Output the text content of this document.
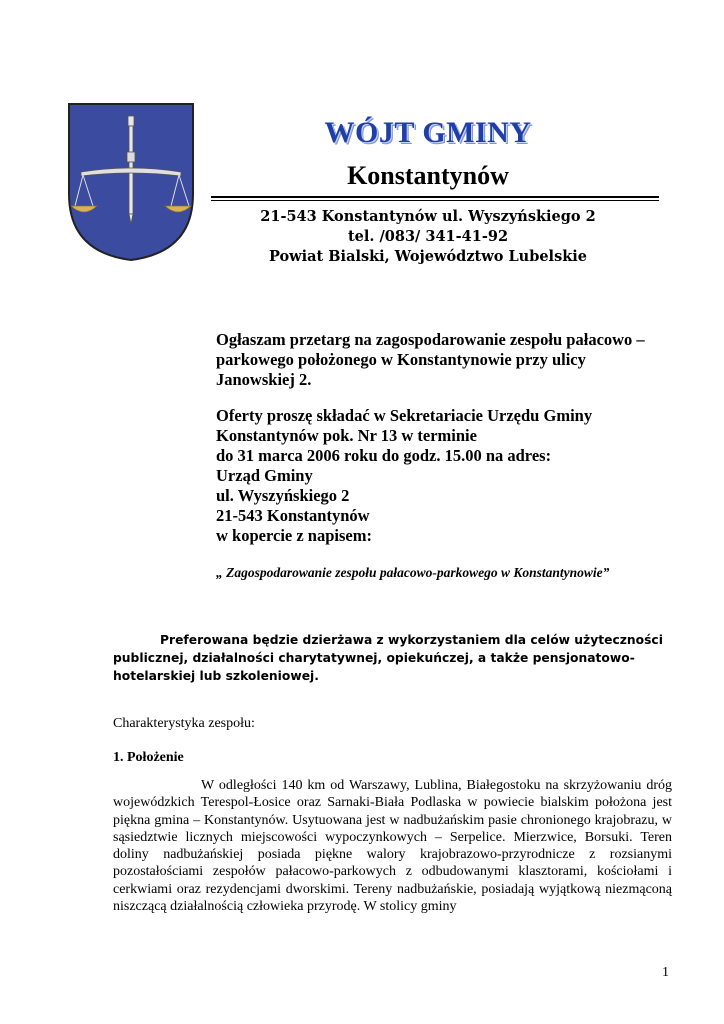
WÓJT GMINY
Konstantynów
21-543 Konstantynów ul. Wyszyńskiego 2
tel. /083/ 341-41-92
Powiat Bialski, Województwo Lubelskie
Ogłaszam przetarg na zagospodarowanie zespołu pałacowo – parkowego położonego w Konstantynowie przy ulicy Janowskiej 2.
Oferty proszę składać w Sekretariacie Urzędu Gminy
Konstantynów pok. Nr 13 w terminie
do 31 marca 2006 roku do godz. 15.00 na adres:
Urząd Gminy
ul. Wyszyńskiego 2
21-543 Konstantynów
w kopercie z napisem:
„ Zagospodarowanie zespołu pałacowo-parkowego w Konstantynowie”
Preferowana będzie dzierżawa z wykorzystaniem dla celów użyteczności publicznej, działalności charytatywnej, opiekuńczej, a także pensjonatowo-hotelarskiej lub szkoleniowej.
Charakterystyka zespołu:
1. Położenie
W odległości 140 km od Warszawy, Lublina, Białegostoku na skrzyżowaniu dróg wojewódzkich Terespol-Łosice oraz Sarnaki-Biała Podlaska w powiecie bialskim położona jest piękna gmina – Konstantynów. Usytuowana jest w nadbużańskim pasie chronionego krajobrazu, w sąsiedztwie licznych miejscowości wypoczynkowych – Serpelice. Mierzwice, Borsuki. Teren doliny nadbużańskiej posiada piękne walory krajobrazowo-przyrodnicze z rozsianymi pozostałościami zespołów pałacowo-parkowych z odbudowanymi klasztorami, kościołami i cerkwiami oraz rezydencjami dworskimi. Tereny nadbużańskie, posiadają wyjątkową niezmąconą niszczącą działalnością człowieka przyrodę. W stolicy gminy
1
